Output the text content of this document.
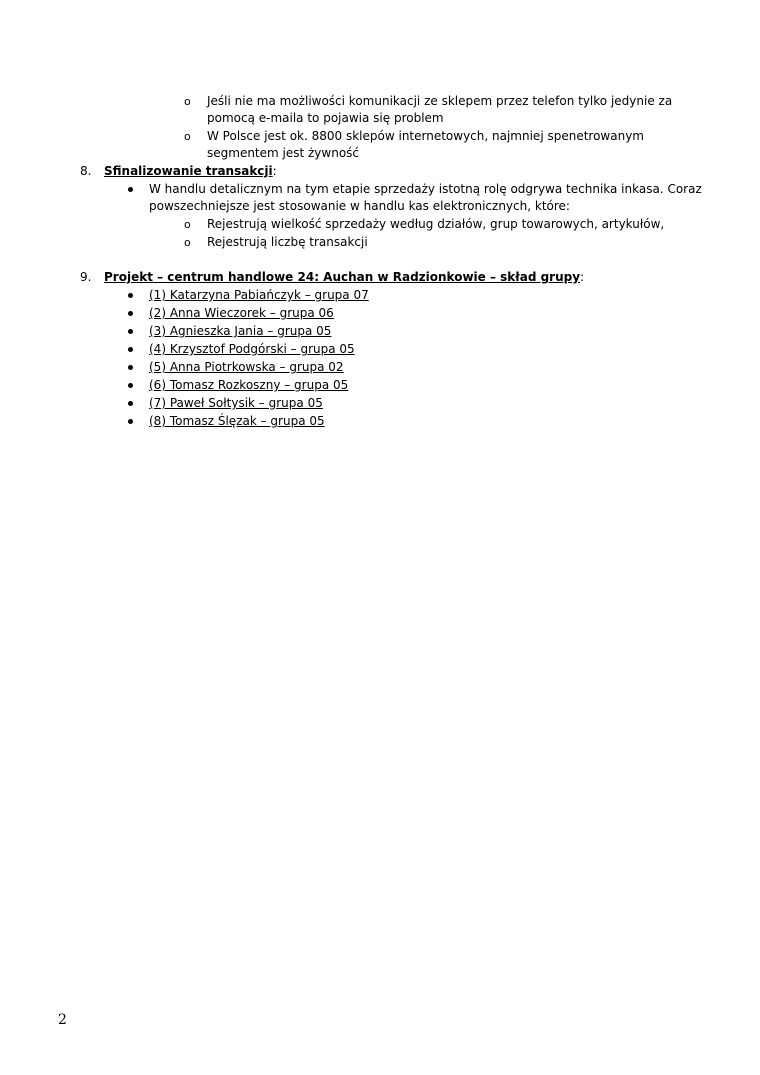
o Jeśli nie ma możliwości komunikacji ze sklepem przez telefon tylko jedynie za
pomocą e-maila to pojawia się problem
o W Polsce jest ok. 8800 sklepów internetowych, najmniej spenetrowanym
segmentem jest żywność
8. Sfinalizowanie transakcji:
W handlu detalicznym na tym etapie sprzedaży istotną rolę odgrywa technika inkasa. Coraz
powszechniejsze jest stosowanie w handlu kas elektronicznych, które:
o Rejestrują wielkość sprzedaży według działów, grup towarowych, artykułów,
o Rejestrują liczbę transakcji
9. Projekt – centrum handlowe 24: Auchan w Radzionkowie – skład grupy:
(1) Katarzyna Pabiańczyk – grupa 07
(2) Anna Wieczorek – grupa 06
(3) Agnieszka Jania – grupa 05
(4) Krzysztof Podgórski – grupa 05
(5) Anna Piotrkowska – grupa 02
(6) Tomasz Rozkoszny – grupa 05
(7) Paweł Sołtysik – grupa 05
(8) Tomasz Ślęzak – grupa 05
2
